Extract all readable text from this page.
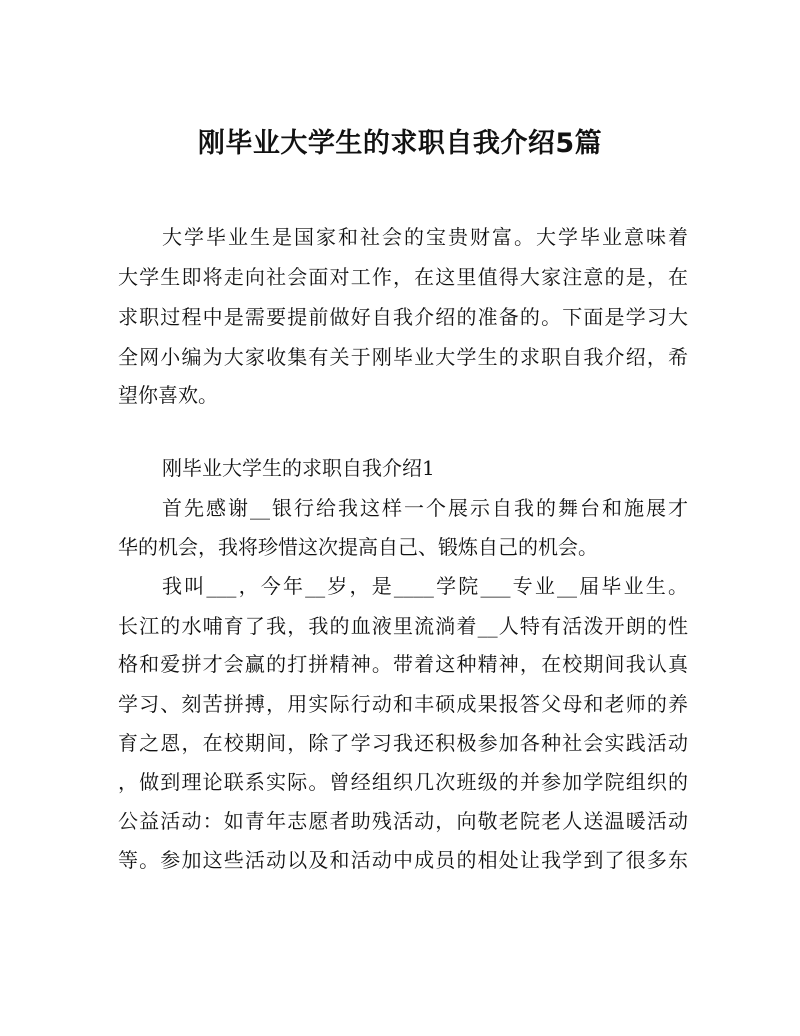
刚毕业大学生的求职自我介绍5篇
大学毕业生是国家和社会的宝贵财富。大学毕业意味着
大学生即将走向社会面对工作，在这里值得大家注意的是，在
求职过程中是需要提前做好自我介绍的准备的。下面是学习大
全网小编为大家收集有关于刚毕业大学生的求职自我介绍，希
望你喜欢。
刚毕业大学生的求职自我介绍1
首先感谢__银行给我这样一个展示自我的舞台和施展才
华的机会，我将珍惜这次提高自己、锻炼自己的机会。
我叫___，今年__岁，是____学院___专业__届毕业生。
长江的水哺育了我，我的血液里流淌着__人特有活泼开朗的性
格和爱拼才会赢的打拼精神。带着这种精神，在校期间我认真
学习、刻苦拼搏，用实际行动和丰硕成果报答父母和老师的养
育之恩，在校期间，除了学习我还积极参加各种社会实践活动
，做到理论联系实际。曾经组织几次班级的并参加学院组织的
公益活动：如青年志愿者助残活动，向敬老院老人送温暖活动
等。参加这些活动以及和活动中成员的相处让我学到了很多东
